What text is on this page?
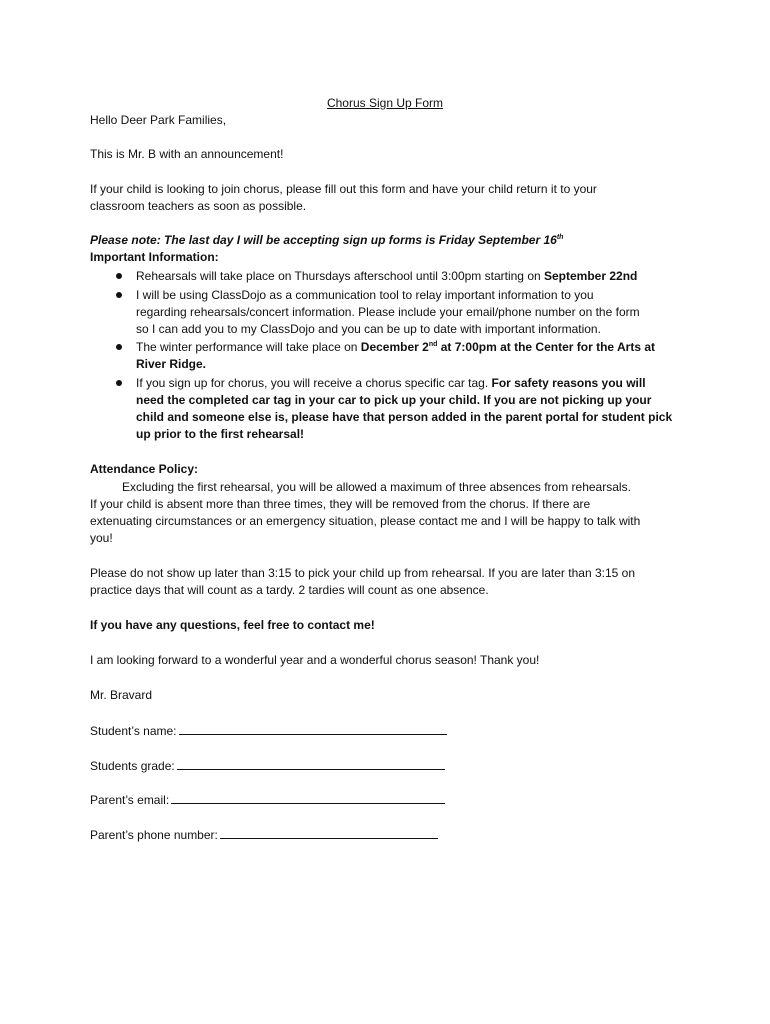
Chorus Sign Up Form
Hello Deer Park Families,
This is Mr. B with an announcement!
If your child is looking to join chorus, please fill out this form and have your child return it to your
classroom teachers as soon as possible.
Please note: The last day I will be accepting sign up forms is Friday September 16th
Important Information:
Rehearsals will take place on Thursdays afterschool until 3:00pm starting on September 22nd
I will be using ClassDojo as a communication tool to relay important information to you
regarding rehearsals/concert information. Please include your email/phone number on the form
so I can add you to my ClassDojo and you can be up to date with important information.
The winter performance will take place on December 2nd at 7:00pm at the Center for the Arts at
River Ridge.
If you sign up for chorus, you will receive a chorus specific car tag. For safety reasons you will
need the completed car tag in your car to pick up your child. If you are not picking up your
child and someone else is, please have that person added in the parent portal for student pick
up prior to the first rehearsal!
Attendance Policy:
Excluding the first rehearsal, you will be allowed a maximum of three absences from rehearsals.
If your child is absent more than three times, they will be removed from the chorus. If there are
extenuating circumstances or an emergency situation, please contact me and I will be happy to talk with
you!
Please do not show up later than 3:15 to pick your child up from rehearsal. If you are later than 3:15 on
practice days that will count as a tardy. 2 tardies will count as one absence.
If you have any questions, feel free to contact me!
I am looking forward to a wonderful year and a wonderful chorus season! Thank you!
Mr. Bravard
Student’s name:
Students grade:
Parent’s email:
Parent’s phone number:
